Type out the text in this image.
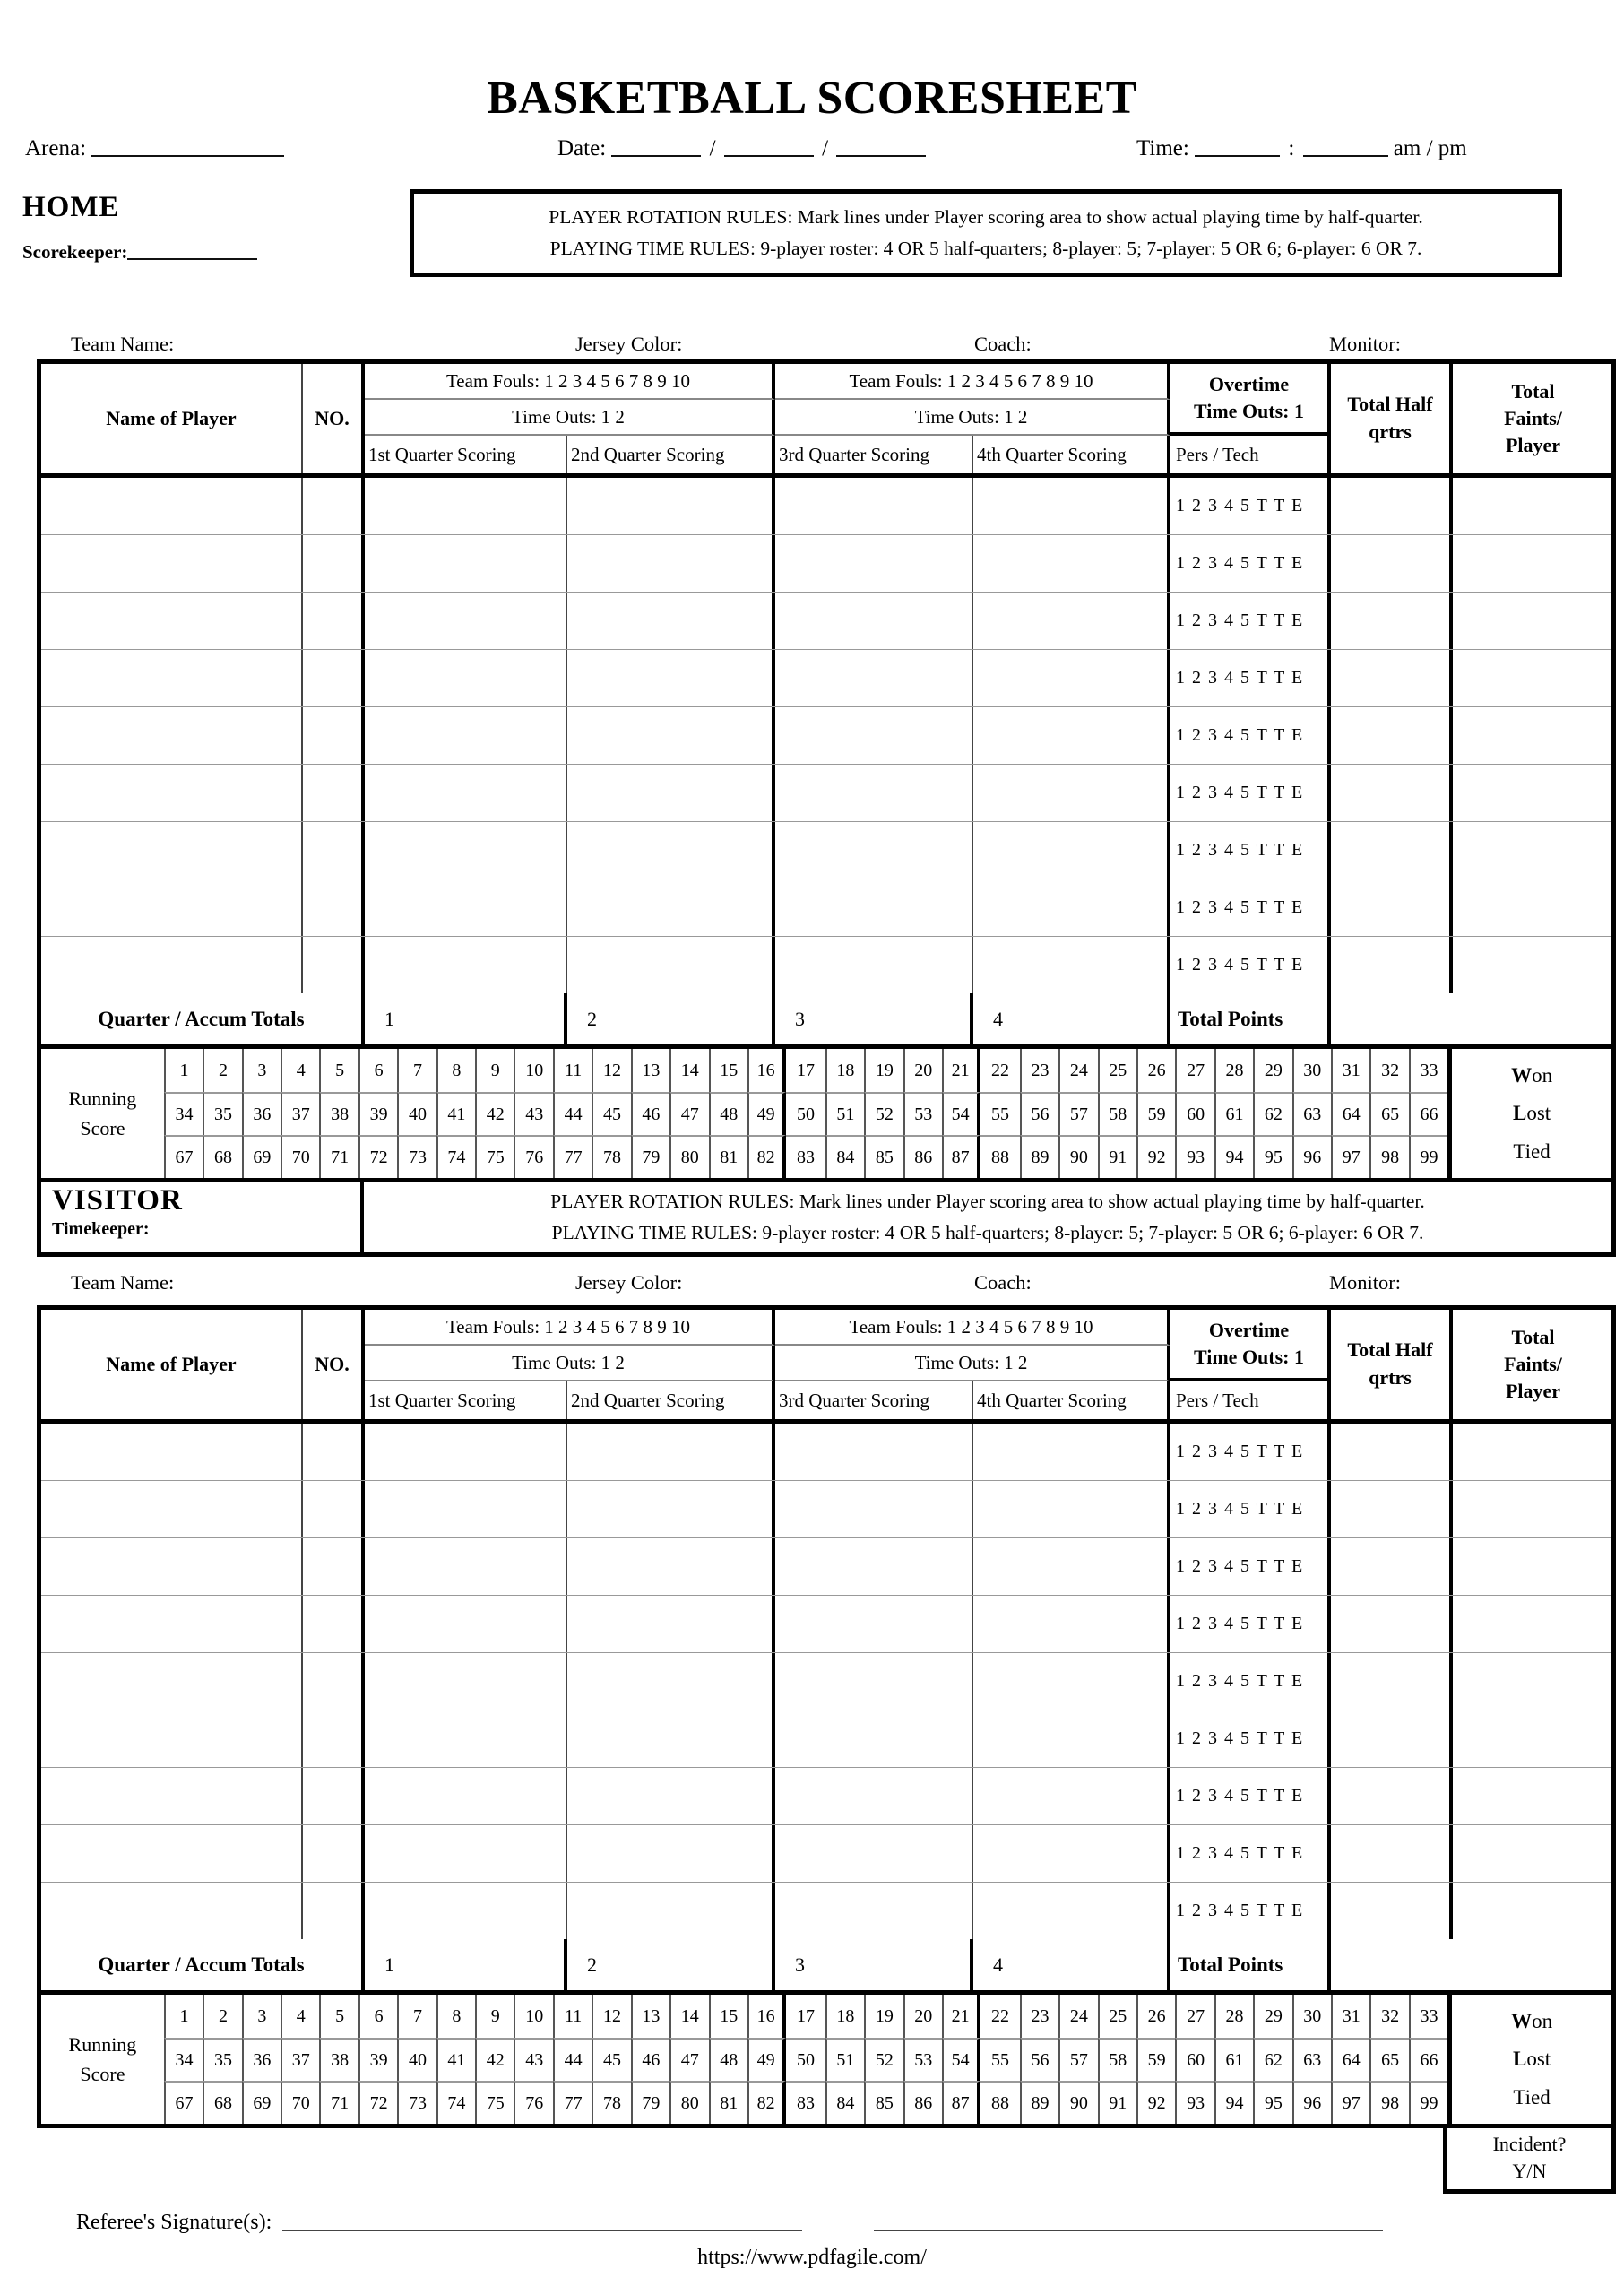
BASKETBALL SCORESHEET
Arena:	Date:	/	/	Time:	:	am / pm
HOME
Scorekeeper:
PLAYER ROTATION RULES: Mark lines under Player scoring area to show actual playing time by half-quarter.
PLAYING TIME RULES: 9-player roster: 4 OR 5 half-quarters; 8-player: 5; 7-player: 5 OR 6; 6-player: 6 OR 7.
Team Name:	Jersey Color:	Coach:	Monitor:
Name of Player	NO.
Team Fouls: 1 2 3 4 5 6 7 8 9 10
Time Outs: 1 2
Team Fouls: 1 2 3 4 5 6 7 8 9 10
Time Outs: 1 2
1st Quarter Scoring	2nd Quarter Scoring	3rd Quarter Scoring	4th Quarter Scoring
Overtime
Time Outs: 1
Pers / Tech
Total Half
qrtrs
Total
Faints/
Player
1 2 3 4 5 T T E
1 2 3 4 5 T T E
1 2 3 4 5 T T E
1 2 3 4 5 T T E
1 2 3 4 5 T T E
1 2 3 4 5 T T E
1 2 3 4 5 T T E
1 2 3 4 5 T T E
1 2 3 4 5 T T E
Quarter / Accum Totals	1	2	3	4	Total Points
Running
Score
1	2	3	4	5	6	7	8	9	10	11	12	13	14	15	16	17	18	19	20	21	22	23	24	25	26	27	28	29	30	31	32	33
34	35	36	37	38	39	40	41	42	43	44	45	46	47	48	49	50	51	52	53	54	55	56	57	58	59	60	61	62	63	64	65	66
67	68	69	70	71	72	73	74	75	76	77	78	79	80	81	82	83	84	85	86	87	88	89	90	91	92	93	94	95	96	97	98	99
Won
Lost
Tied
VISITOR
Timekeeper:
PLAYER ROTATION RULES: Mark lines under Player scoring area to show actual playing time by half-quarter.
PLAYING TIME RULES: 9-player roster: 4 OR 5 half-quarters; 8-player: 5; 7-player: 5 OR 6; 6-player: 6 OR 7.
Team Name:	Jersey Color:	Coach:	Monitor:
Name of Player	NO.
Team Fouls: 1 2 3 4 5 6 7 8 9 10
Time Outs: 1 2
Team Fouls: 1 2 3 4 5 6 7 8 9 10
Time Outs: 1 2
1st Quarter Scoring	2nd Quarter Scoring	3rd Quarter Scoring	4th Quarter Scoring
Overtime
Time Outs: 1
Pers / Tech
Total Half
qrtrs
Total
Faints/
Player
1 2 3 4 5 T T E
1 2 3 4 5 T T E
1 2 3 4 5 T T E
1 2 3 4 5 T T E
1 2 3 4 5 T T E
1 2 3 4 5 T T E
1 2 3 4 5 T T E
1 2 3 4 5 T T E
1 2 3 4 5 T T E
Quarter / Accum Totals	1	2	3	4	Total Points
Running
Score
1	2	3	4	5	6	7	8	9	10	11	12	13	14	15	16	17	18	19	20	21	22	23	24	25	26	27	28	29	30	31	32	33
34	35	36	37	38	39	40	41	42	43	44	45	46	47	48	49	50	51	52	53	54	55	56	57	58	59	60	61	62	63	64	65	66
67	68	69	70	71	72	73	74	75	76	77	78	79	80	81	82	83	84	85	86	87	88	89	90	91	92	93	94	95	96	97	98	99
Won
Lost
Tied
Incident?
Y/N
Referee's Signature(s):
https://www.pdfagile.com/
